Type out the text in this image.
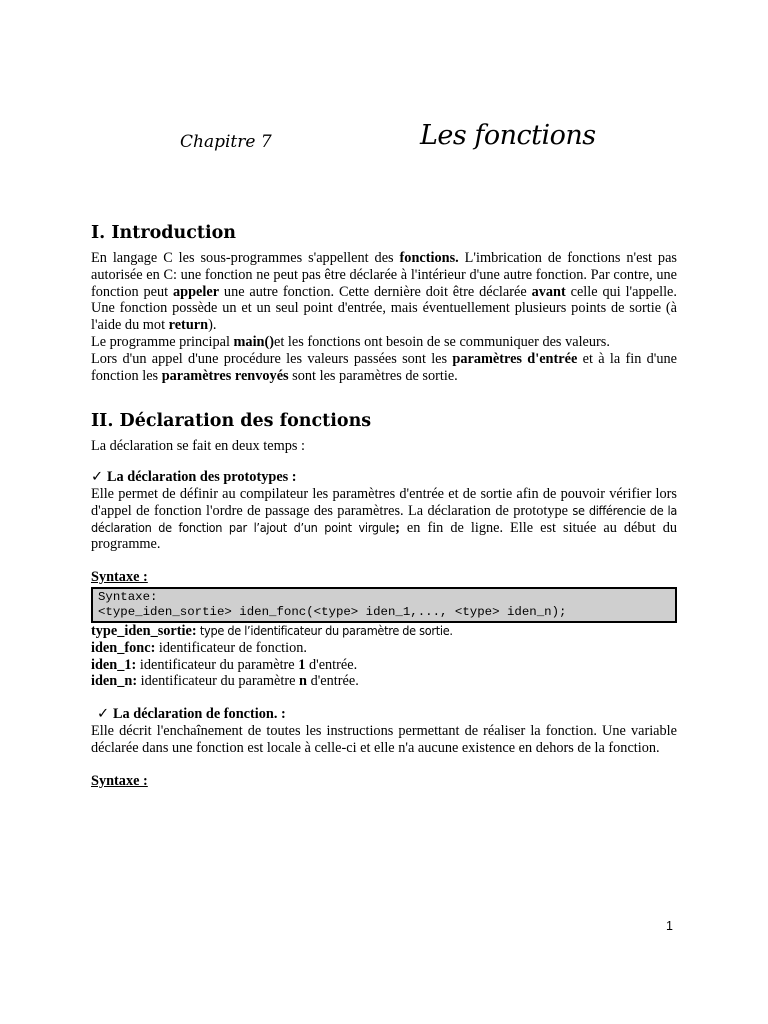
Chapitre 7	Les fonctions
I. Introduction

En langage C les sous-programmes s'appellent des fonctions. L'imbrication de fonctions n'est pas autorisée en C: une fonction ne peut pas être déclarée à l'intérieur d'une autre fonction. Par contre, une fonction peut appeler une autre fonction. Cette dernière doit être déclarée avant celle qui l'appelle. Une fonction possède un et un seul point d'entrée, mais éventuellement plusieurs points de sortie (à l'aide du mot return).

Le programme principal main()et les fonctions ont besoin de se communiquer des valeurs.

Lors d'un appel d'une procédure les valeurs passées sont les paramètres d'entrée et à la fin d'une fonction les paramètres renvoyés sont les paramètres de sortie.

II. Déclaration des fonctions

La déclaration se fait en deux temps :

✓ La déclaration des prototypes :

Elle permet de définir au compilateur les paramètres d'entrée et de sortie afin de pouvoir vérifier lors d'appel de fonction l'ordre de passage des paramètres. La déclaration de prototype se différencie de la déclaration de fonction par l’ajout d’un point virgule; en fin de ligne. Elle est située au début du programme.

Syntaxe :

Syntaxe:
<type_iden_sortie> iden_fonc(<type> iden_1,..., <type> iden_n);

type_iden_sortie: type de l’identificateur du paramètre de sortie.

iden_fonc: identificateur de fonction.

iden_1: identificateur du paramètre 1 d'entrée.

iden_n: identificateur du paramètre n d'entrée.

✓ La déclaration de fonction. :

Elle décrit l'enchaînement de toutes les instructions permettant de réaliser la fonction. Une variable déclarée dans une fonction est locale à celle-ci et elle n'a aucune existence en dehors de la fonction.

Syntaxe :

1
